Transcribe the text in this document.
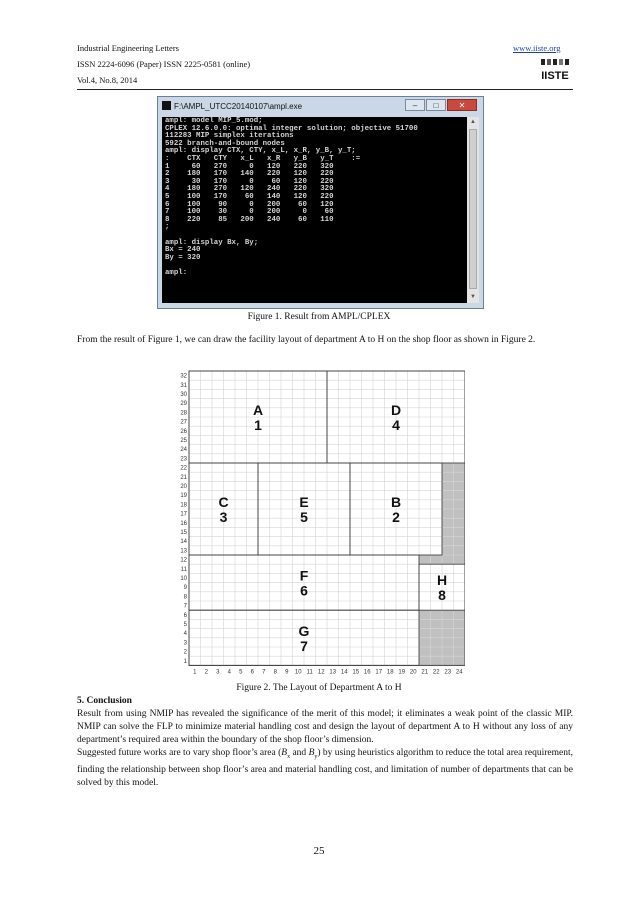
Industrial Engineering Letters
ISSN 2224-6096 (Paper) ISSN 2225-0581 (online)
Vol.4, No.8, 2014
www.iiste.org
IISTE
F:\AMPL_UTCC20140107\ampl.exe	–	□	✕
ampl: model MIP_5.mod;
CPLEX 12.6.0.0: optimal integer solution; objective 51700
112283 MIP simplex iterations
5922 branch-and-bound nodes
ampl: display CTX, CTY, x_L, x_R, y_B, y_T;
:    CTX   CTY   x_L   x_R   y_B   y_T    :=
1     60   270     0   120   220   320
2    180   170   140   220   120   220
3     30   170     0    60   120   220
4    180   270   120   240   220   320
5    100   170    60   140   120   220
6    100    90     0   200    60   120
7    100    30     0   200     0    60
8    220    85   200   240    60   110
;

ampl: display Bx, By;
Bx = 240
By = 320

ampl:
▲
▼
Figure 1. Result from AMPL/CPLEX
From the result of Figure 1, we can draw the facility layout of department A to H on the shop floor as shown in Figure 2.
A
1
D
4
C
3
E
5
B
2
F
6
G
7
H
8
1
2
3
4
5
6
7
8
9
10
11
12
13
14
15
16
17
18
19
20
21
22
23
24
25
26
27
28
29
30
31
32
1 2 3 4 5 6 7 8 9 10 11 12 13 14 15 16 17 18 19 20 21 22 23 24
Figure 2. The Layout of Department A to H
5. Conclusion

Result from using NMIP has revealed the significance of the merit of this model; it eliminates a weak point of the classic MIP. NMIP can solve the FLP to minimize material handling cost and design the layout of department A to H without any loss of any department’s required area within the boundary of the shop floor’s dimension.

Suggested future works are to vary shop floor’s area ($B_x$ and $B_y$) by using heuristics algorithm to reduce the total area requirement, finding the relationship between shop floor’s area and material handling cost, and limitation of number of departments that can be solved by this model.

25
